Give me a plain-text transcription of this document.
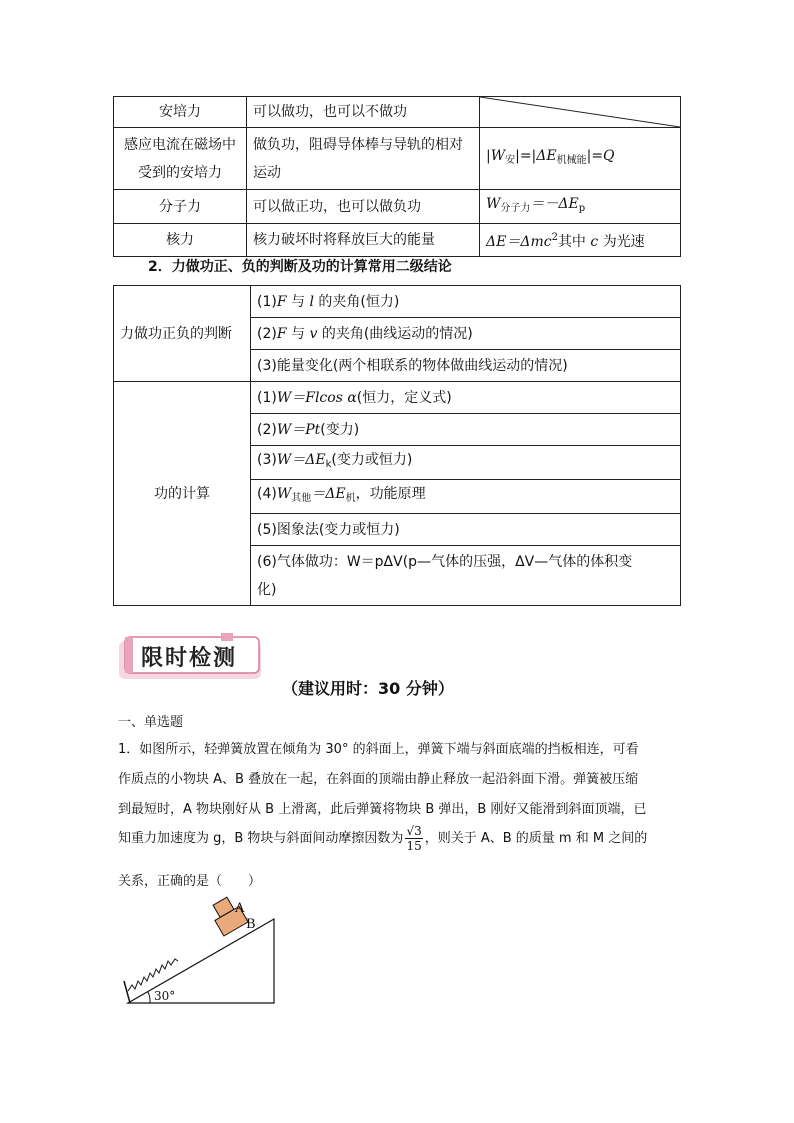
安培力	可以做功，也可以不做功	

感应电流在磁场中受到的安培力	做负功，阻碍导体棒与导轨的相对运动	$|W_安|=|\Delta E_{机械能}|=Q$
分子力	可以做正功，也可以做负功	$W_{分子力}=-\Delta E_p$
核力	核力破坏时将释放巨大的能量	ΔE＝Δmc$^2$其中 c 为光速
2．力做功正、负的判断及功的计算常用二级结论
力做功正负的判断	(1)F 与 l 的夹角(恒力)
	(2)F 与 v 的夹角(曲线运动的情况)
	(3)能量变化(两个相联系的物体做曲线运动的情况)
功的计算	(1)W＝Flcos α(恒力，定义式)
	(2)W＝Pt(变力)
	$(3)W=\Delta E_k$(变力或恒力)
	$(4)W_{其他}=\Delta E_机$，功能原理
	(5)图象法(变力或恒力)

	(6)气体做功：W＝pΔV(p—气体的压强，ΔV—气体的体积变
化)
限时检测
（建议用时：30 分钟）
一、单选题
1．如图所示，轻弹簧放置在倾角为 30° 的斜面上，弹簧下端与斜面底端的挡板相连，可看
作质点的小物块 A、B 叠放在一起，在斜面的顶端由静止释放一起沿斜面下滑。弹簧被压缩
到最短时，A 物块刚好从 B 上滑离，此后弹簧将物块 B 弹出，B 刚好又能滑到斜面顶端，已
知重力加速度为 g，B 物块与斜面间动摩擦因数为 $\frac{√3}{15}$ ，则关于 A、B 的质量 m 和 M 之间的
关系，正确的是（　　）
A
B
30°
